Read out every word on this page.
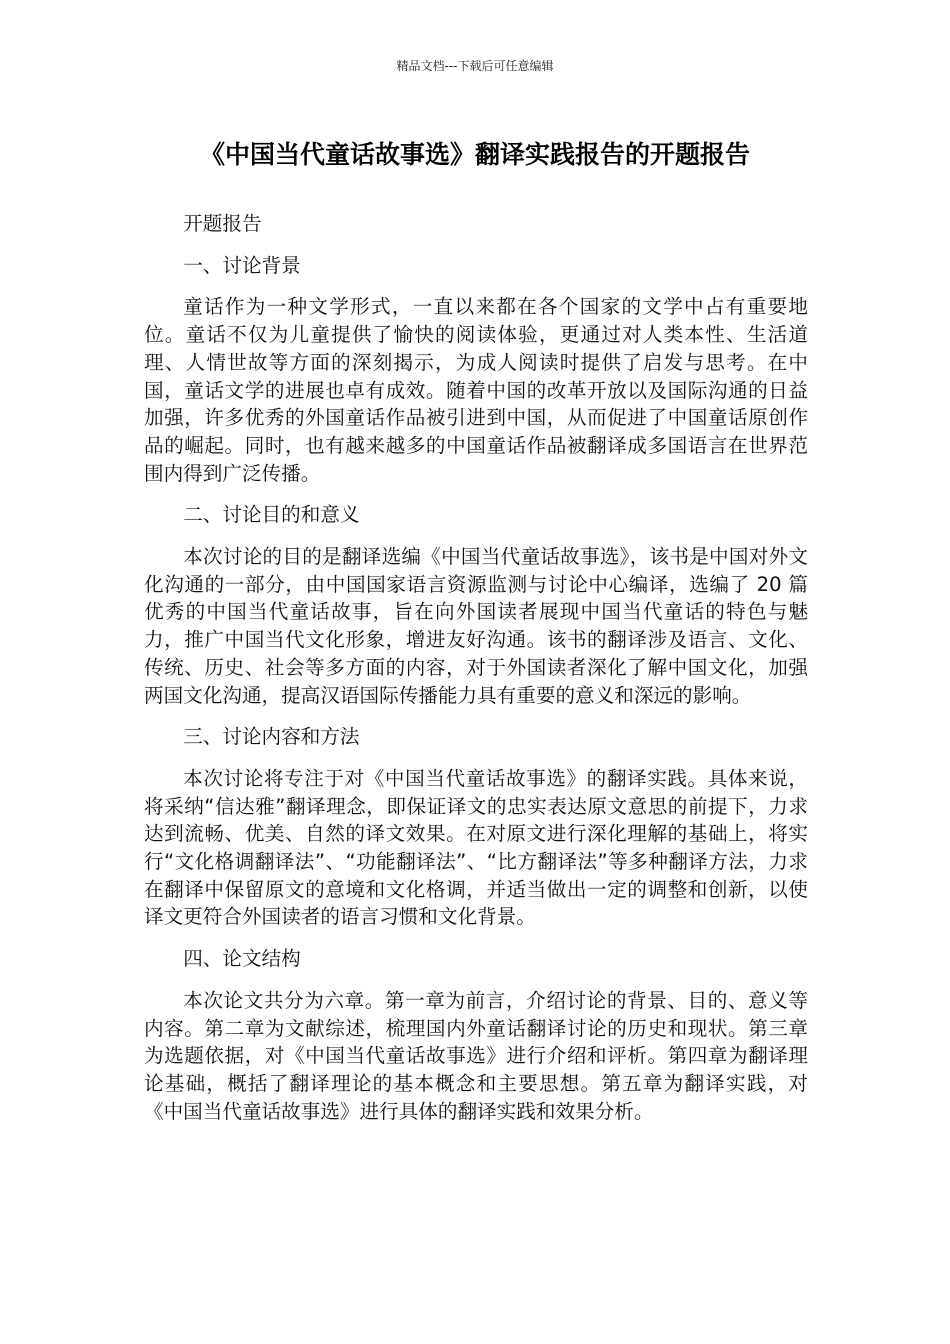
精品文档---下载后可任意编辑
《中国当代童话故事选》翻译实践报告的开题报告

开题报告

一、讨论背景

童话作为一种文学形式，一直以来都在各个国家的文学中占有重要地位。童话不仅为儿童提供了愉快的阅读体验，更通过对人类本性、生活道理、人情世故等方面的深刻揭示，为成人阅读时提供了启发与思考。在中国，童话文学的进展也卓有成效。随着中国的改革开放以及国际沟通的日益加强，许多优秀的外国童话作品被引进到中国，从而促进了中国童话原创作品的崛起。同时，也有越来越多的中国童话作品被翻译成多国语言在世界范围内得到广泛传播。

二、讨论目的和意义

本次讨论的目的是翻译选编《中国当代童话故事选》，该书是中国对外文化沟通的一部分，由中国国家语言资源监测与讨论中心编译，选编了 20 篇优秀的中国当代童话故事，旨在向外国读者展现中国当代童话的特色与魅力，推广中国当代文化形象，增进友好沟通。该书的翻译涉及语言、文化、传统、历史、社会等多方面的内容，对于外国读者深化了解中国文化，加强两国文化沟通，提高汉语国际传播能力具有重要的意义和深远的影响。

三、讨论内容和方法

本次讨论将专注于对《中国当代童话故事选》的翻译实践。具体来说，将采纳“信达雅”翻译理念，即保证译文的忠实表达原文意思的前提下，力求达到流畅、优美、自然的译文效果。在对原文进行深化理解的基础上，将实行“文化格调翻译法”、“功能翻译法”、“比方翻译法”等多种翻译方法，力求在翻译中保留原文的意境和文化格调，并适当做出一定的调整和创新，以使译文更符合外国读者的语言习惯和文化背景。

四、论文结构

本次论文共分为六章。第一章为前言，介绍讨论的背景、目的、意义等内容。第二章为文献综述，梳理国内外童话翻译讨论的历史和现状。第三章为选题依据，对《中国当代童话故事选》进行介绍和评析。第四章为翻译理论基础，概括了翻译理论的基本概念和主要思想。第五章为翻译实践，对《中国当代童话故事选》进行具体的翻译实践和效果分析。
